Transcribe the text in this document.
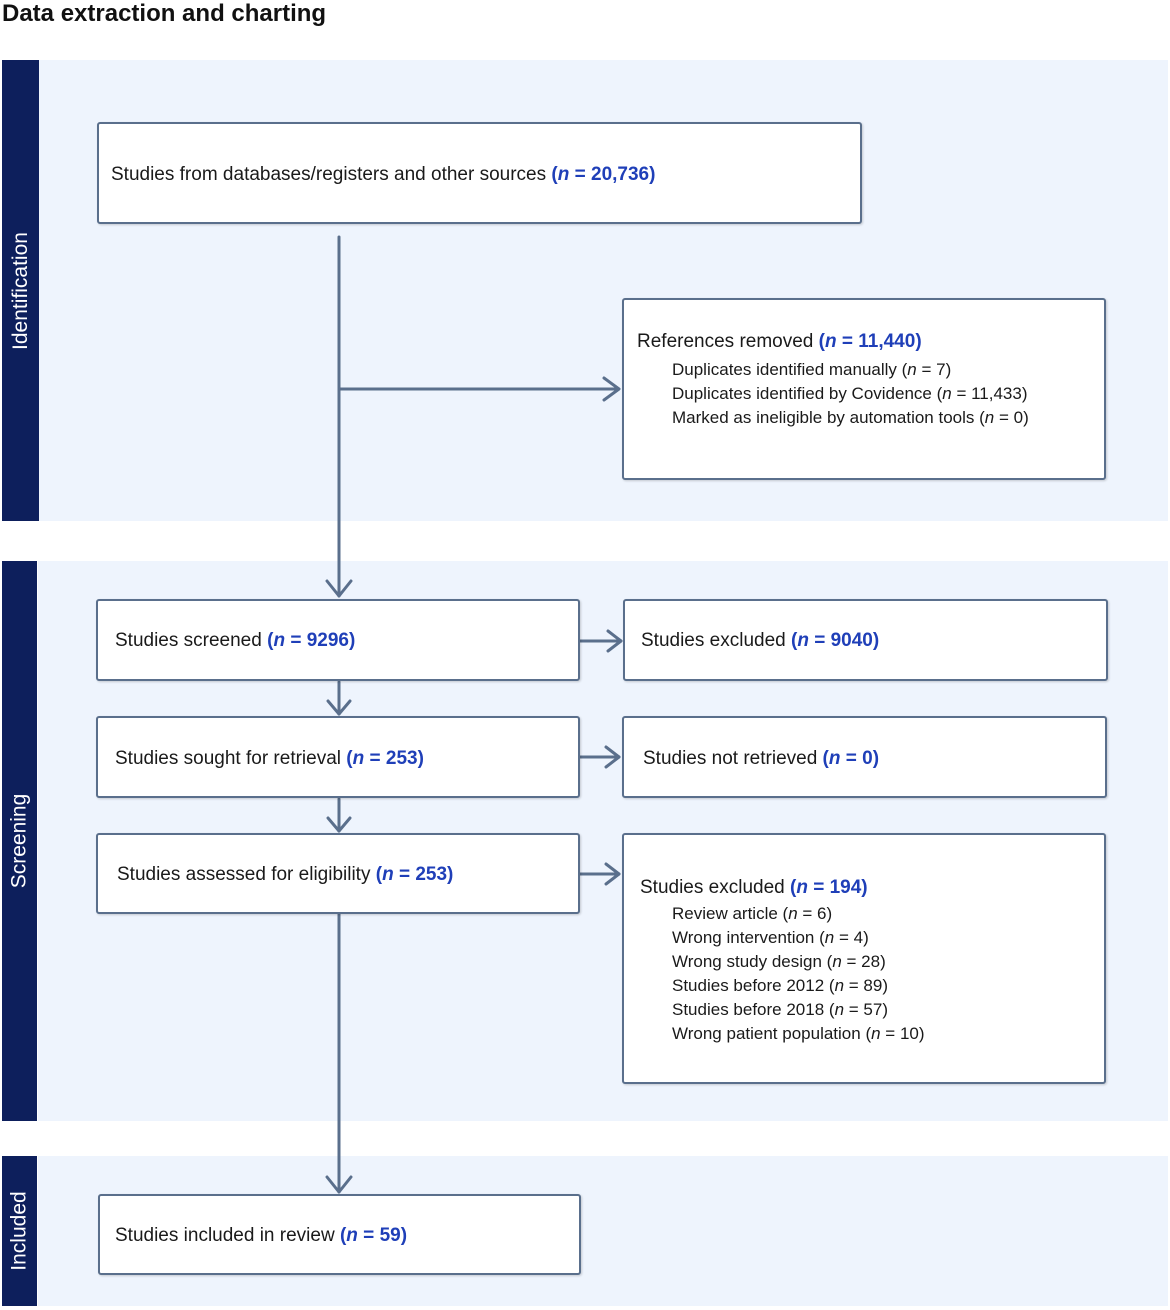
Data extraction and charting
Identification
Screening
Included
Studies from databases/registers and other sources (n = 20,736)
References removed (n = 11,440)
Duplicates identified manually (n = 7)
Duplicates identified by Covidence (n = 11,433)
Marked as ineligible by automation tools (n = 0)
Studies screened (n = 9296)	Studies excluded (n = 9040)
Studies sought for retrieval (n = 253)	Studies not retrieved (n = 0)
Studies assessed for eligibility (n = 253)
Studies excluded (n = 194)
Review article (n = 6)
Wrong intervention (n = 4)
Wrong study design (n = 28)
Studies before 2012 (n = 89)
Studies before 2018 (n = 57)
Wrong patient population (n = 10)
Studies included in review (n = 59)
